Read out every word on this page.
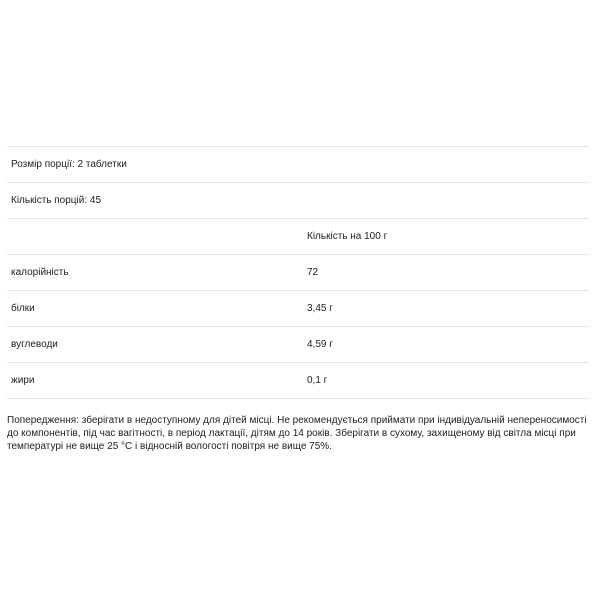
Розмір порції: 2 таблетки
Кількість порцій: 45
Кількість на 100 г
калорійність	72
білки	3,45 г
вуглеводи	4,59 г
жири	0,1 г
Попередження: зберігати в недоступному для дітей місці. Не рекомендується приймати при індивідуальній непереносимості до компонентів, під час вагітності, в період лактації, дітям до 14 років. Зберігати в сухому, захищеному від світла місці при температурі не вище 25 °C і відносній вологості повітря не вище 75%.
